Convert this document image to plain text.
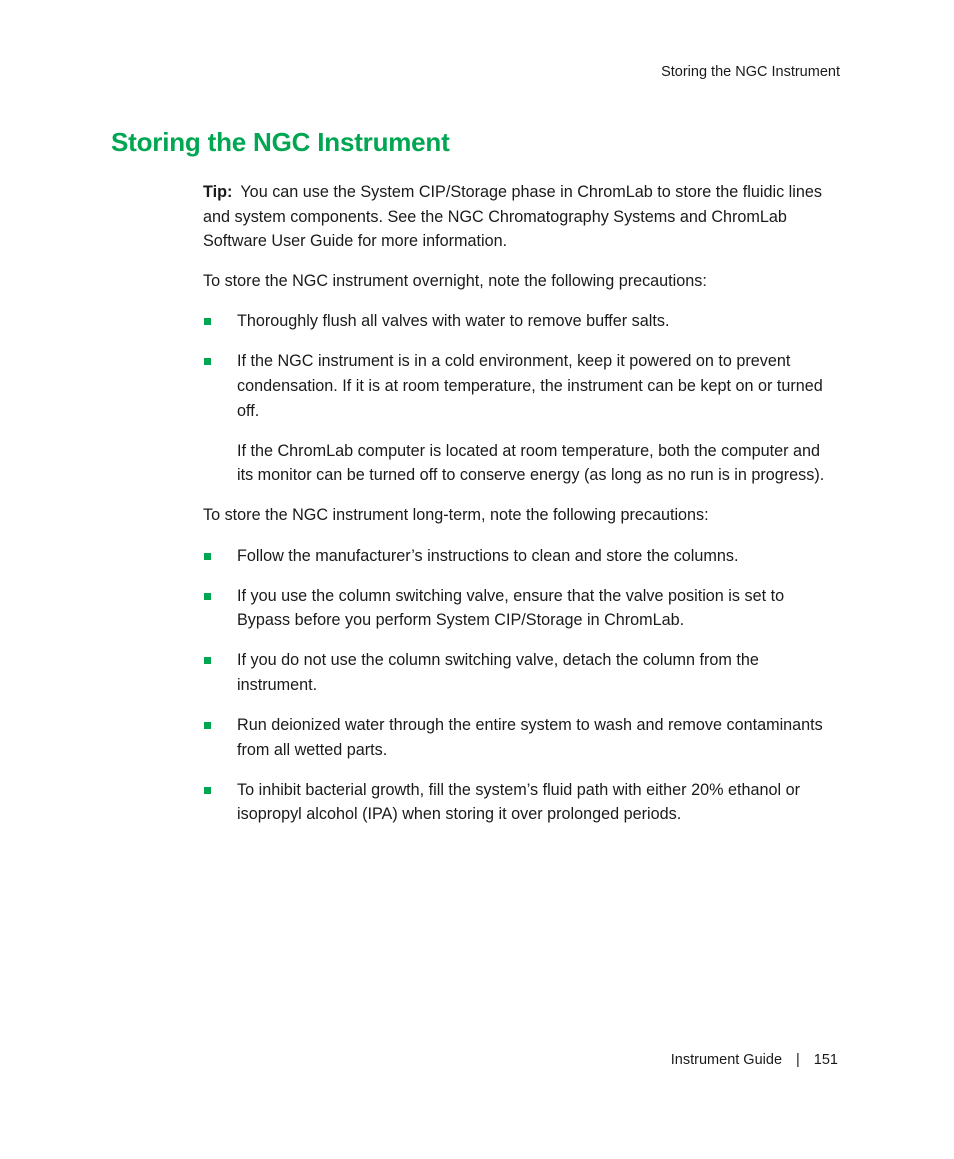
Storing the NGC Instrument
Storing the NGC Instrument

Tip: You can use the System CIP/Storage phase in ChromLab to store the fluidic lines and system components. See the NGC Chromatography Systems and ChromLab Software User Guide for more information.

To store the NGC instrument overnight, note the following precautions:

Thoroughly flush all valves with water to remove buffer salts.
If the NGC instrument is in a cold environment, keep it powered on to prevent condensation. If it is at room temperature, the instrument can be kept on or turned off.

If the ChromLab computer is located at room temperature, both the computer and its monitor can be turned off to conserve energy (as long as no run is in progress).

To store the NGC instrument long-term, note the following precautions:

Follow the manufacturer’s instructions to clean and store the columns.
If you use the column switching valve, ensure that the valve position is set to Bypass before you perform System CIP/Storage in ChromLab.
If you do not use the column switching valve, detach the column from the instrument.
Run deionized water through the entire system to wash and remove contaminants from all wetted parts.
To inhibit bacterial growth, fill the system’s fluid path with either 20% ethanol or isopropyl alcohol (IPA) when storing it over prolonged periods.
Instrument Guide | 151
